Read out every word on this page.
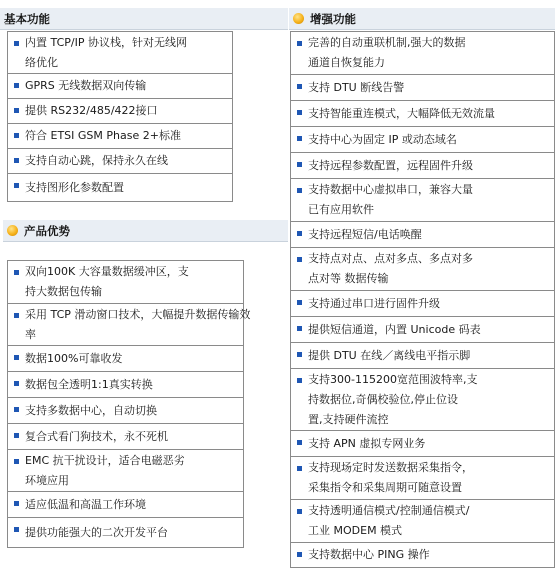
基本功能
内置 TCP/IP 协议栈，针对无线网
络优化
GPRS 无线数据双向传输
提供 RS232/485/422接口
符合 ETSI GSM Phase 2+标准
支持自动心跳，保持永久在线
支持图形化参数配置
产品优势
双向100K 大容量数据缓冲区，支
持大数据包传输
采用 TCP 滑动窗口技术，大幅提升数据传输效
率
数据100%可靠收发
数据包全透明1:1真实转换
支持多数据中心，自动切换
复合式看门狗技术，永不死机
EMC 抗干扰设计，适合电磁恶劣
环境应用
适应低温和高温工作环境
提供功能强大的二次开发平台
增强功能
完善的自动重联机制,强大的数据
通道自恢复能力
支持 DTU 断线告警
支持智能重连模式，大幅降低无效流量
支持中心为固定 IP 或动态域名
支持远程参数配置，远程固件升级
支持数据中心虚拟串口，兼容大量
已有应用软件
支持远程短信/电话唤醒
支持点对点、点对多点、多点对多
点对等 数据传输
支持通过串口进行固件升级
提供短信通道，内置 Unicode 码表
提供 DTU 在线／离线电平指示脚
支持300-115200宽范围波特率,支
持数据位,奇偶校验位,停止位设
置,支持硬件流控
支持 APN 虚拟专网业务
支持现场定时发送数据采集指令，
采集指令和采集周期可随意设置
支持透明通信模式/控制通信模式/
工业 MODEM 模式
支持数据中心 PING 操作
